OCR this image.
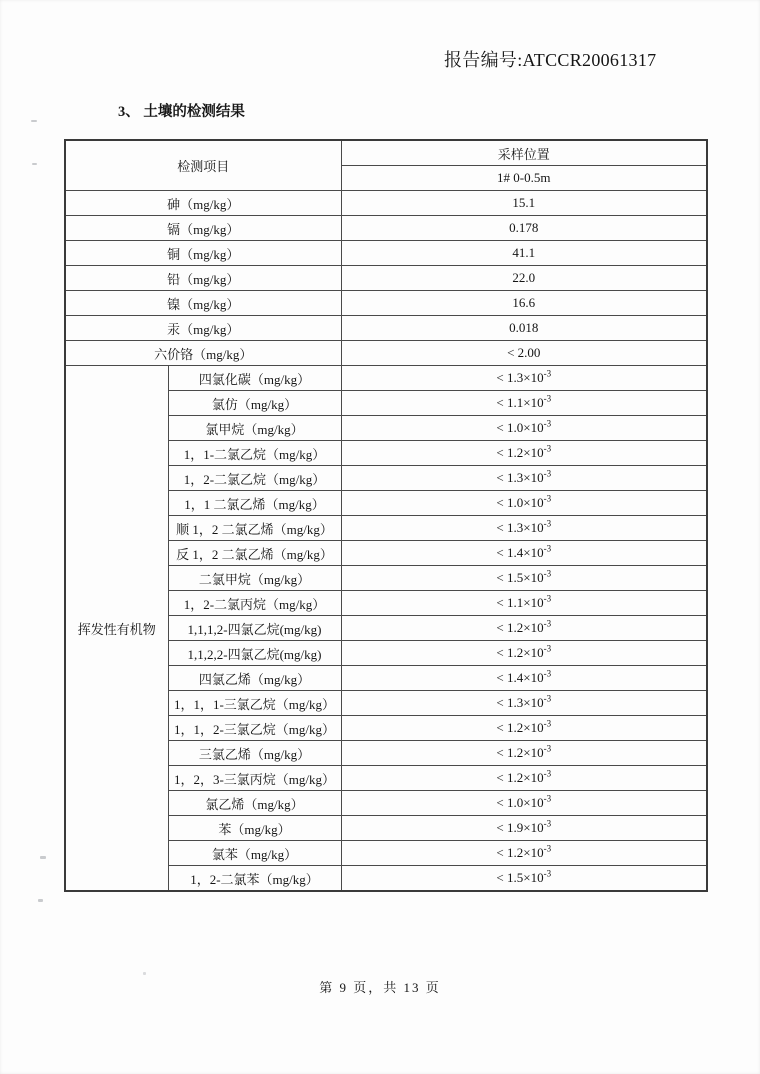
报告编号:ATCCR20061317
3、 土壤的检测结果
检测项目		采样位置
		1# 0-0.5m
砷（mg/kg）		15.1
镉（mg/kg）		0.178
铜（mg/kg）		41.1
铅（mg/kg）		22.0
镍（mg/kg）		16.6
汞（mg/kg）		0.018
六价铬（mg/kg）		< 2.00
挥发性有机物	四氯化碳（mg/kg）	< $1.3\times 10^{-3}$
	氯仿（mg/kg）	< $1.1\times 10^{-3}$
	氯甲烷（mg/kg）	< $1.0\times 10^{-3}$
	1，1-二氯乙烷（mg/kg）	< $1.2\times 10^{-3}$
	1，2-二氯乙烷（mg/kg）	< $1.3\times 10^{-3}$
	1，1 二氯乙烯（mg/kg）	< $1.0\times 10^{-3}$
	顺 1，2 二氯乙烯（mg/kg）	< $1.3\times 10^{-3}$
	反 1，2 二氯乙烯（mg/kg）	< $1.4\times 10^{-3}$
	二氯甲烷（mg/kg）	< $1.5\times 10^{-3}$
	1，2-二氯丙烷（mg/kg）	< $1.1\times 10^{-3}$
	1,1,1,2-四氯乙烷(mg/kg)	< $1.2\times 10^{-3}$
	1,1,2,2-四氯乙烷(mg/kg)	< $1.2\times 10^{-3}$
	四氯乙烯（mg/kg）	< $1.4\times 10^{-3}$
	1，1，1-三氯乙烷（mg/kg）	< $1.3\times 10^{-3}$
	1，1，2-三氯乙烷（mg/kg）	< $1.2\times 10^{-3}$
	三氯乙烯（mg/kg）	< $1.2\times 10^{-3}$
	1，2，3-三氯丙烷（mg/kg）	< $1.2\times 10^{-3}$
	氯乙烯（mg/kg）	< $1.0\times 10^{-3}$
	苯（mg/kg）	< $1.9\times 10^{-3}$
	氯苯（mg/kg）	< $1.2\times 10^{-3}$
	1，2-二氯苯（mg/kg）	< $1.5\times 10^{-3}$
第 9 页，共 13 页
